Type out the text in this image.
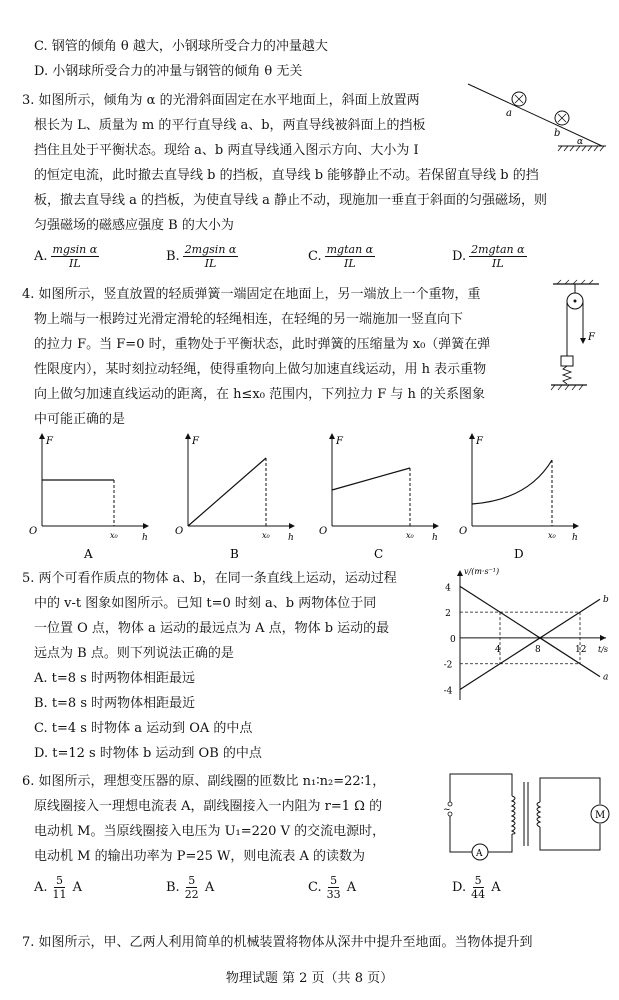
C. 钢管的倾角 θ 越大，小钢球所受合力的冲量越大
D. 小钢球所受合力的冲量与钢管的倾角 θ 无关
3. 如图所示，倾角为 α 的光滑斜面固定在水平地面上，斜面上放置两
根长为 L、质量为 m 的平行直导线 a、b，两直导线被斜面上的挡板
挡住且处于平衡状态。现给 a、b 两直导线通入图示方向、大小为 I
的恒定电流，此时撤去直导线 b 的挡板，直导线 b 能够静止不动。若保留直导线 b 的挡
板，撤去直导线 a 的挡板，为使直导线 a 静止不动，现施加一垂直于斜面的匀强磁场，则
匀强磁场的磁感应强度 B 的大小为
a
b
α
A. $\frac{\text{mgsin α}}{IL}$	B. $\frac{\text{2mgsin α}}{IL}$	C. $\frac{\text{mgtan α}}{IL}$	D. $\frac{\text{2mgtan α}}{IL}$
4. 如图所示，竖直放置的轻质弹簧一端固定在地面上，另一端放上一个重物，重
物上端与一根跨过光滑定滑轮的轻绳相连，在轻绳的另一端施加一竖直向下
的拉力 F。当 F=0 时，重物处于平衡状态，此时弹簧的压缩量为 x₀（弹簧在弹
性限度内），某时刻拉动轻绳，使得重物向上做匀加速直线运动，用 h 表示重物
向上做匀加速直线运动的距离，在 h≤x₀ 范围内，下列拉力 F 与 h 的关系图象
中可能正确的是
F
F
O	x₀	h
A
F
O	x₀ h
B
F
O	x₀ h
C
F
O	x₀ h
D
5. 两个可看作质点的物体 a、b，在同一条直线上运动，运动过程
中的 v-t 图象如图所示。已知 t=0 时刻 a、b 两物体位于同
一位置 O 点，物体 a 运动的最远点为 A 点，物体 b 运动的最
远点为 B 点。则下列说法正确的是
A. t=8 s 时两物体相距最远
B. t=8 s 时两物体相距最近
C. t=4 s 时物体 a 运动到 OA 的中点
D. t=12 s 时物体 b 运动到 OB 的中点
4
2
-2
-4
4	8	12
0
t/s
v/(m·s⁻¹)
a
b
6. 如图所示，理想变压器的原、副线圈的匝数比 n₁∶n₂=22∶1，
原线圈接入一理想电流表 A，副线圈接入一内阻为 r=1 Ω 的
电动机 M。当原线圈接入电压为 U₁=220 V 的交流电源时，
电动机 M 的输出功率为 P=25 W，则电流表 A 的读数为
~	M
A
A. $\frac{5}{11}$ A	B. $\frac{5}{22}$ A	C. $\frac{5}{33}$ A	D. $\frac{5}{44}$ A
7. 如图所示，甲、乙两人利用简单的机械装置将物体从深井中提升至地面。当物体提升到
物理试题 第 2 页（共 8 页）
